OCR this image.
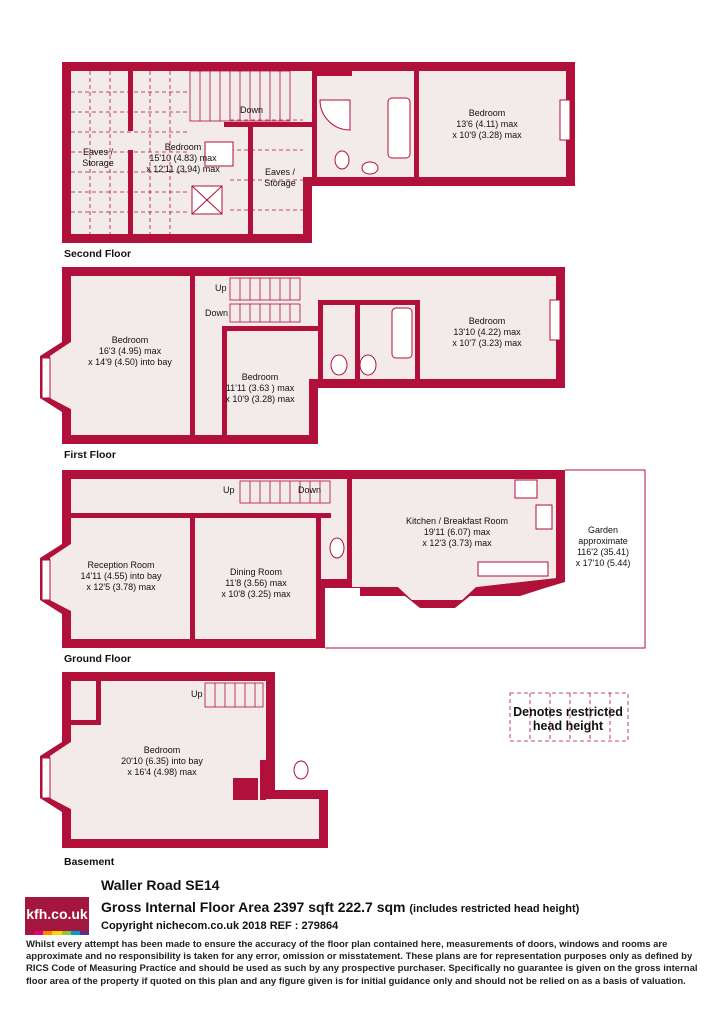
Down	Bedroom
13'6 (4.11) max
x 10'9 (3.28) max
Bedroom
15'10 (4.83) max
x 12'11 (3.94) max
Eaves /
Storage
Eaves /
Storage
Second Floor
Up
Down
Bedroom
16'3 (4.95) max
x 14'9 (4.50) into bay
Bedroom
11'11 (3.63 ) max
x 10'9 (3.28) max
Bedroom
13'10 (4.22) max
x 10'7 (3.23) max
First Floor
Up	Down
Reception Room
14'11 (4.55) into bay
x 12'5 (3.78) max
Dining Room
11'8 (3.56) max
x 10'8 (3.25) max
Kitchen / Breakfast Room
19'11 (6.07) max
x 12'3 (3.73) max
Garden
approximate
116'2 (35.41)
x 17'10 (5.44)
Ground Floor
Up
Bedroom
20'10 (6.35) into bay
x 16'4 (4.98) max
Basement
Denotes restricted
head height
kfh.co.uk
Waller Road SE14
Gross Internal Floor Area 2397 sqft 222.7 sqm (includes restricted head height)
Copyright nichecom.co.uk 2018 REF : 279864
Whilst every attempt has been made to ensure the accuracy of the floor plan contained here, measurements of doors, windows and rooms are approximate and no responsibility is taken for any error, omission or misstatement. These plans are for representation purposes only as defined by RICS Code of Measuring Practice and should be used as such by any prospective purchaser. Specifically no guarantee is given on the gross internal floor area of the property if quoted on this plan and any figure given is for initial guidance only and should not be relied on as a basis of valuation.
